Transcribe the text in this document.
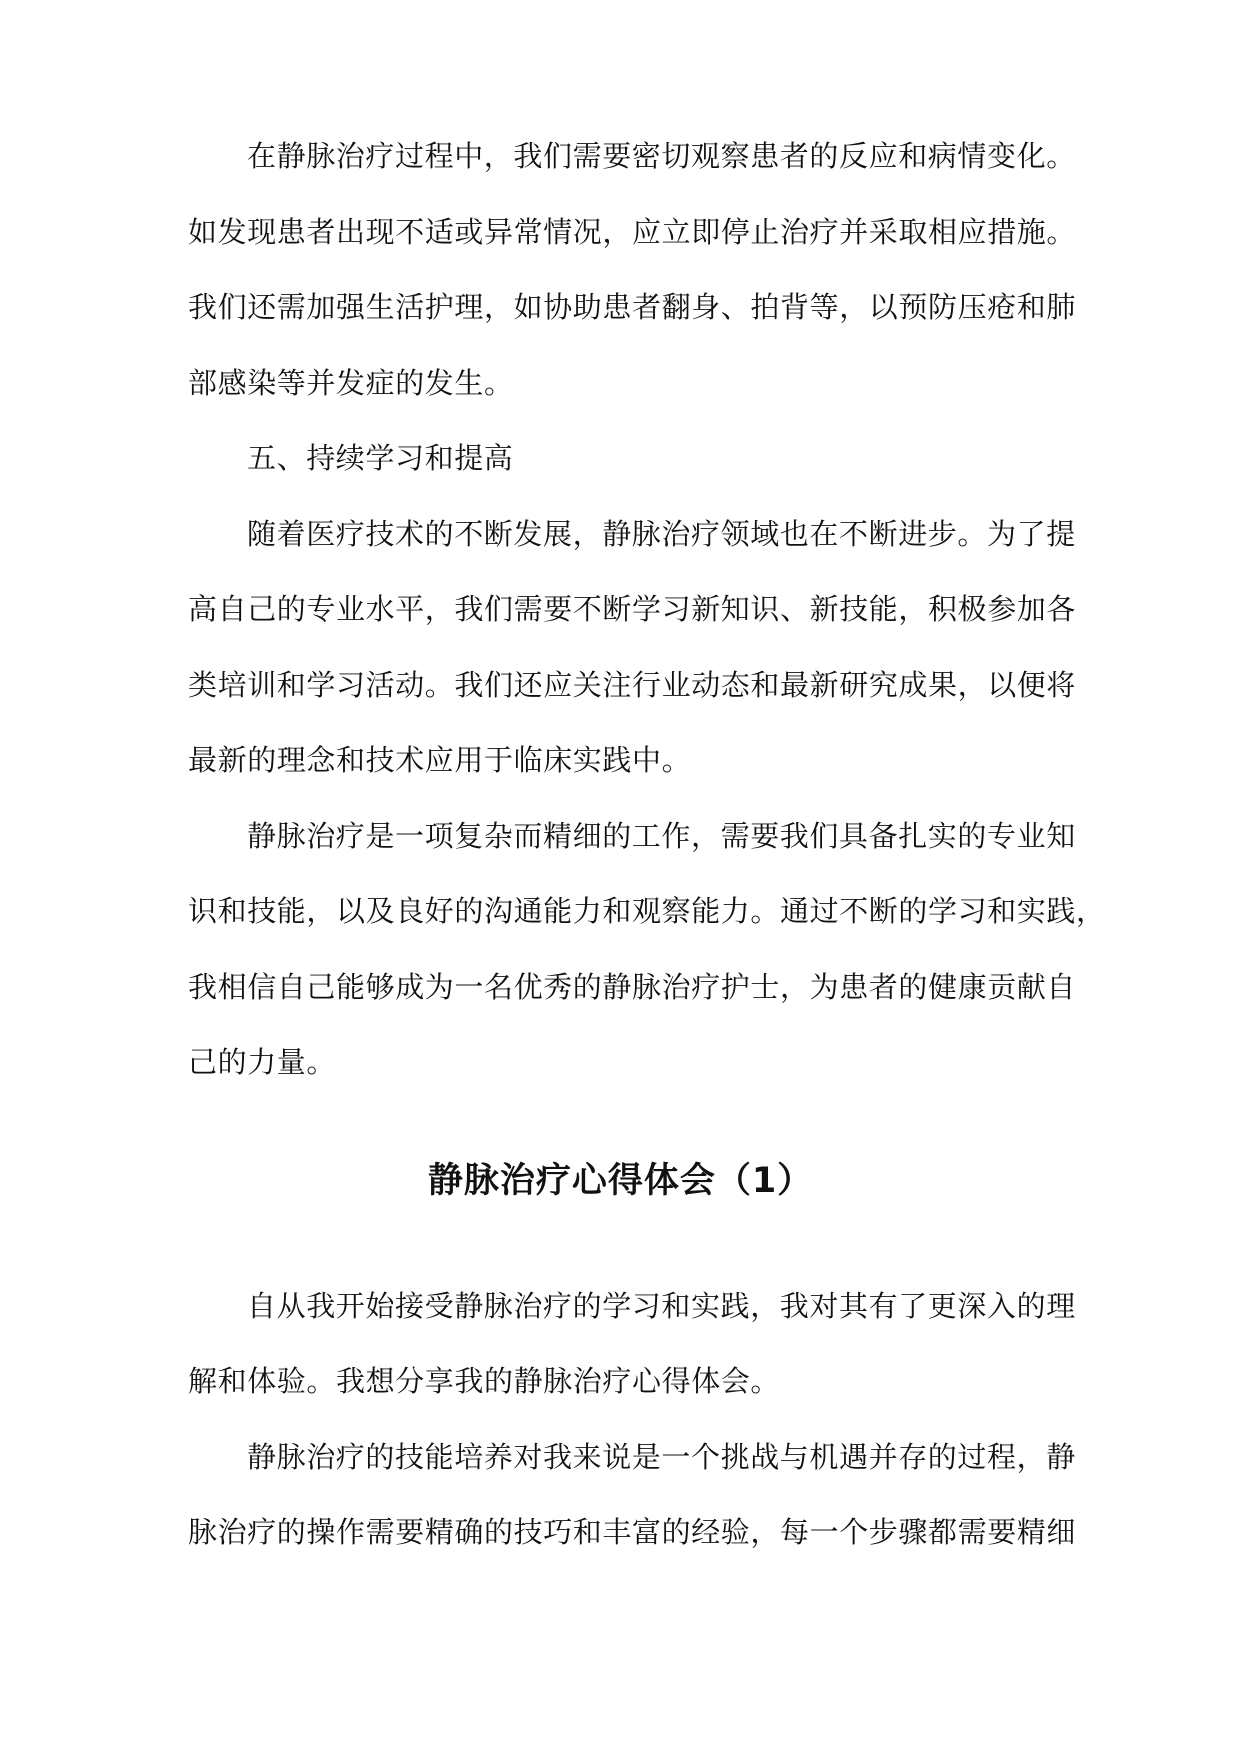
在静脉治疗过程中，我们需要密切观察患者的反应和病情变化。
如发现患者出现不适或异常情况，应立即停止治疗并采取相应措施。
我们还需加强生活护理，如协助患者翻身、拍背等，以预防压疮和肺
部感染等并发症的发生。
五、持续学习和提高
随着医疗技术的不断发展，静脉治疗领域也在不断进步。为了提
高自己的专业水平，我们需要不断学习新知识、新技能，积极参加各
类培训和学习活动。我们还应关注行业动态和最新研究成果，以便将
最新的理念和技术应用于临床实践中。
静脉治疗是一项复杂而精细的工作，需要我们具备扎实的专业知
识和技能，以及良好的沟通能力和观察能力。通过不断的学习和实践，
我相信自己能够成为一名优秀的静脉治疗护士，为患者的健康贡献自
己的力量。
静脉治疗心得体会（1）
自从我开始接受静脉治疗的学习和实践，我对其有了更深入的理
解和体验。我想分享我的静脉治疗心得体会。
静脉治疗的技能培养对我来说是一个挑战与机遇并存的过程，静
脉治疗的操作需要精确的技巧和丰富的经验，每一个步骤都需要精细
